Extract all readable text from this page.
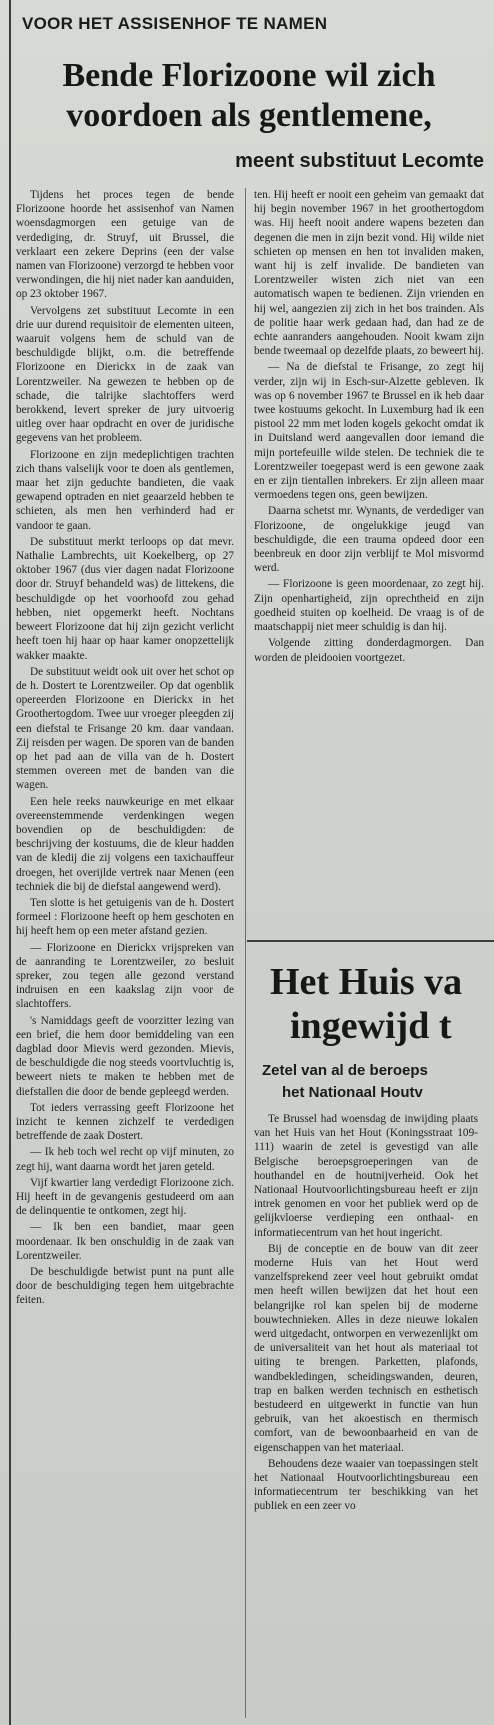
VOOR HET ASSISENHOF TE NAMEN
Bende Florizoone wil zich
voordoen als gentlemene,
meent substituut Lecomte

Tijdens het proces tegen de bende Florizoone hoorde het assisenhof van Namen woensdagmorgen een getuige van de verdediging, dr. Struyf, uit Brussel, die verklaart een zekere Deprins (een der valse namen van Florizoone) verzorgd te hebben voor verwondingen, die hij niet nader kan aanduiden, op 23 oktober 1967.

Vervolgens zet substituut Lecomte in een drie uur durend requisitoir de elementen uiteen, waaruit volgens hem de schuld van de beschuldigde blijkt, o.m. die betreffende Florizoone en Dierickx in de zaak van Lorentzweiler. Na gewezen te hebben op de schade, die talrijke slachtoffers werd berokkend, levert spreker de jury uitvoerig uitleg over haar opdracht en over de juridische gegevens van het probleem.

Florizoone en zijn medeplichtigen trachten zich thans valselijk voor te doen als gentlemen, maar het zijn geduchte bandieten, die vaak gewapend optraden en niet geaarzeld hebben te schieten, als men hen verhinderd had er vandoor te gaan.

De substituut merkt terloops op dat mevr. Nathalie Lambrechts, uit Koekelberg, op 27 oktober 1967 (dus vier dagen nadat Florizoone door dr. Struyf behandeld was) de littekens, die beschuldigde op het voorhoofd zou gehad hebben, niet opgemerkt heeft. Nochtans beweert Florizoone dat hij zijn gezicht verlicht heeft toen hij haar op haar kamer onopzettelijk wakker maakte.

De substituut weidt ook uit over het schot op de h. Dostert te Lorentzweiler. Op dat ogenblik opereerden Florizoone en Dierickx in het Groothertogdom. Twee uur vroeger pleegden zij een diefstal te Frisange 20 km. daar vandaan. Zij reisden per wagen. De sporen van de banden op het pad aan de villa van de h. Dostert stemmen overeen met de banden van die wagen.

Een hele reeks nauwkeurige en met elkaar overeenstemmende verdenkingen wegen bovendien op de beschuldigden: de beschrijving der kostuums, die de kleur hadden van de kledij die zij volgens een taxichauffeur droegen, het overijlde vertrek naar Menen (een techniek die bij de diefstal aangewend werd).

Ten slotte is het getuigenis van de h. Dostert formeel : Florizoone heeft op hem geschoten en hij heeft hem op een meter afstand gezien.

— Florizoone en Dierickx vrijspreken van de aanranding te Lorentzweiler, zo besluit spreker, zou tegen alle gezond verstand indruisen en een kaakslag zijn voor de slachtoffers.

's Namiddags geeft de voorzitter lezing van een brief, die hem door bemiddeling van een dagblad door Mievis werd gezonden. Mievis, de beschuldigde die nog steeds voortvluchtig is, beweert niets te maken te hebben met de diefstallen die door de bende gepleegd werden.

Tot ieders verrassing geeft Florizoone het inzicht te kennen zichzelf te verdedigen betreffende de zaak Dostert.

— Ik heb toch wel recht op vijf minuten, zo zegt hij, want daarna wordt het jaren geteld.

Vijf kwartier lang verdedigt Florizoone zich. Hij heeft in de gevangenis gestudeerd om aan de delinquentie te ontkomen, zegt hij.

— Ik ben een bandiet, maar geen moordenaar. Ik ben onschuldig in de zaak van Lorentzweiler.

De beschuldigde betwist punt na punt alle door de beschuldiging tegen hem uitgebrachte feiten.

ten. Hij heeft er nooit een geheim van gemaakt dat hij begin november 1967 in het groothertogdom was. Hij heeft nooit andere wapens bezeten dan degenen die men in zijn bezit vond. Hij wilde niet schieten op mensen en hen tot invaliden maken, want hij is zelf invalide. De bandieten van Lorentzweiler wisten zich niet van een automatisch wapen te bedienen. Zijn vrienden en hij wel, aangezien zij zich in het bos trainden. Als de politie haar werk gedaan had, dan had ze de echte aanranders aangehouden. Nooit kwam zijn bende tweemaal op dezelfde plaats, zo beweert hij.

— Na de diefstal te Frisange, zo zegt hij verder, zijn wij in Esch-sur-Alzette gebleven. Ik was op 6 november 1967 te Brussel en ik heb daar twee kostuums gekocht. In Luxemburg had ik een pistool 22 mm met loden kogels gekocht omdat ik in Duitsland werd aangevallen door iemand die mijn portefeuille wilde stelen. De techniek die te Lorentzweiler toegepast werd is een gewone zaak en er zijn tientallen inbrekers. Er zijn alleen maar vermoedens tegen ons, geen bewijzen.

Daarna schetst mr. Wynants, de verdediger van Florizoone, de ongelukkige jeugd van beschuldigde, die een trauma opdeed door een beenbreuk en door zijn verblijf te Mol misvormd werd.

— Florizoone is geen moordenaar, zo zegt hij. Zijn openhartigheid, zijn oprechtheid en zijn goedheid stuiten op koelheid. De vraag is of de maatschappij niet meer schuldig is dan hij.

Volgende zitting donderdagmorgen. Dan worden de pleidooien voortgezet.

Het Huis va
ingewijd t
Zetel van al de beroeps
het Nationaal Houtv

Te Brussel had woensdag de inwijding plaats van het Huis van het Hout (Koningsstraat 109-111) waarin de zetel is gevestigd van alle Belgische beroepsgroeperingen van de houthandel en de houtnijverheid. Ook het Nationaal Houtvoorlichtingsbureau heeft er zijn intrek genomen en voor het publiek werd op de gelijkvloerse verdieping een onthaal- en informatiecentrum van het hout ingericht.

Bij de conceptie en de bouw van dit zeer moderne Huis van het Hout werd vanzelfsprekend zeer veel hout gebruikt omdat men heeft willen bewijzen dat het hout een belangrijke rol kan spelen bij de moderne bouwtechnieken. Alles in deze nieuwe lokalen werd uitgedacht, ontworpen en verwezenlijkt om de universaliteit van het hout als materiaal tot uiting te brengen. Parketten, plafonds, wandbekledingen, scheidingswanden, deuren, trap en balken werden technisch en esthetisch bestudeerd en uitgewerkt in functie van hun gebruik, van het akoestisch en thermisch comfort, van de bewoonbaarheid en van de eigenschappen van het materiaal.

Behoudens deze waaier van toepassingen stelt het Nationaal Houtvoorlichtingsbureau een informatiecentrum ter beschikking van het publiek en een zeer vo
